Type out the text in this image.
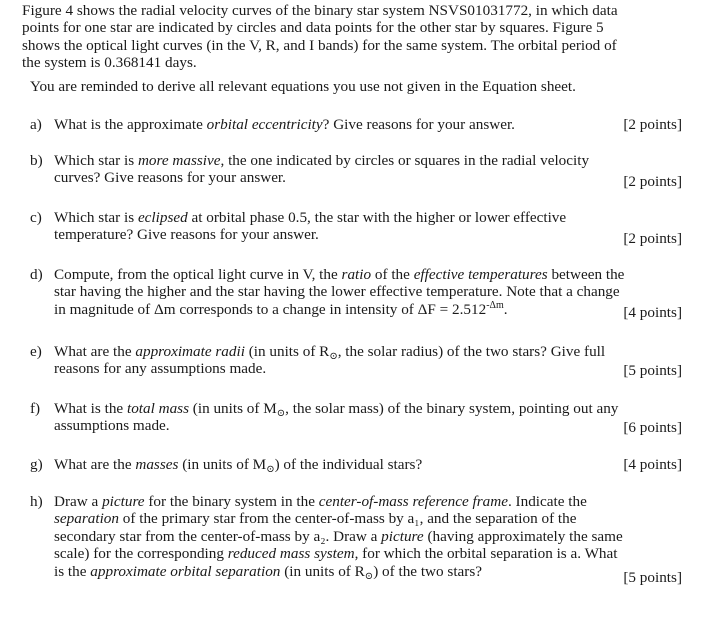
Figure 4 shows the radial velocity curves of the binary star system NSVS01031772, in which data

points for one star are indicated by circles and data points for the other star by squares. Figure 5

shows the optical light curves (in the V, R, and I bands) for the same system. The orbital period of

the system is 0.368141 days.

You are reminded to derive all relevant equations you use not given in the Equation sheet.
a) What is the approximate orbital eccentricity? Give reasons for your answer.	[2 points]
b) Which star is more massive, the one indicated by circles or squares in the radial velocity
curves? Give reasons for your answer.	[2 points]
c) Which star is eclipsed at orbital phase 0.5, the star with the higher or lower effective
temperature? Give reasons for your answer.	[2 points]
d) Compute, from the optical light curve in V, the ratio of the effective temperatures between the
star having the higher and the star having the lower effective temperature. Note that a change
in magnitude of Δm corresponds to a change in intensity of $\Delta F = 2.512^{-\Delta m}$.	[4 points]
e) What are the approximate radii (in units of R⊙, the solar radius) of the two stars? Give full
reasons for any assumptions made.	[5 points]
f) What is the total mass (in units of M⊙, the solar mass) of the binary system, pointing out any
assumptions made.	[6 points]
g) What are the masses (in units of M⊙) of the individual stars?	[4 points]
h) Draw a picture for the binary system in the center-of-mass reference frame. Indicate the
separation of the primary star from the center-of-mass by a₁, and the separation of the
secondary star from the center-of-mass by a₂. Draw a picture (having approximately the same
scale) for the corresponding reduced mass system, for which the orbital separation is a. What
is the approximate orbital separation (in units of R⊙) of the two stars?	[5 points]
